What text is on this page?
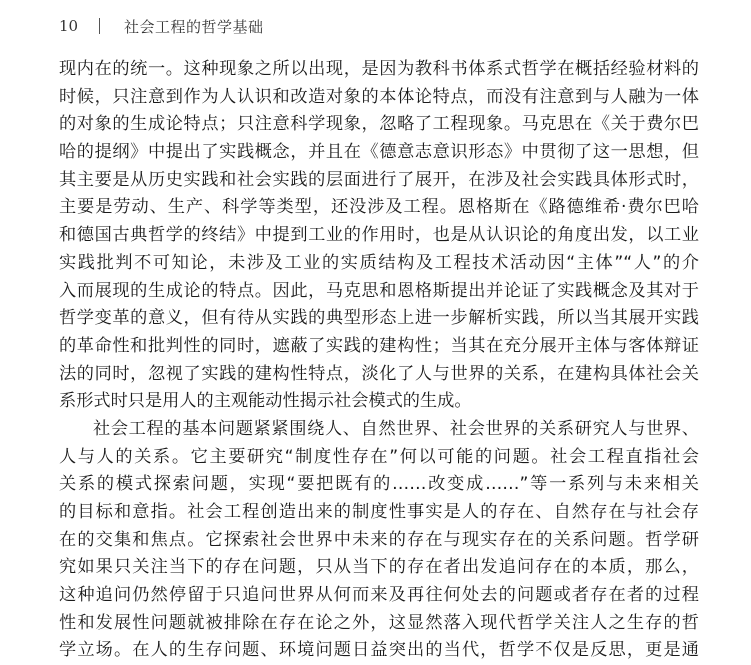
10	社会工程的哲学基础
现内在的统一。这种现象之所以出现，是因为教科书体系式哲学在概括经验材料的
时候，只注意到作为人认识和改造对象的本体论特点，而没有注意到与人融为一体
的对象的生成论特点；只注意科学现象，忽略了工程现象。马克思在《关于费尔巴
哈的提纲》中提出了实践概念，并且在《德意志意识形态》中贯彻了这一思想，但
其主要是从历史实践和社会实践的层面进行了展开，在涉及社会实践具体形式时，
主要是劳动、生产、科学等类型，还没涉及工程。恩格斯在《路德维希·费尔巴哈
和德国古典哲学的终结》中提到工业的作用时，也是从认识论的角度出发，以工业
实践批判不可知论，未涉及工业的实质结构及工程技术活动因“主体”“人”的介
入而展现的生成论的特点。因此，马克思和恩格斯提出并论证了实践概念及其对于
哲学变革的意义，但有待从实践的典型形态上进一步解析实践，所以当其展开实践
的革命性和批判性的同时，遮蔽了实践的建构性；当其在充分展开主体与客体辩证
法的同时，忽视了实践的建构性特点，淡化了人与世界的关系，在建构具体社会关
系形式时只是用人的主观能动性揭示社会模式的生成。
社会工程的基本问题紧紧围绕人、自然世界、社会世界的关系研究人与世界、
人与人的关系。它主要研究“制度性存在”何以可能的问题。社会工程直指社会
关系的模式探索问题，实现“要把既有的……改变成……”等一系列与未来相关
的目标和意指。社会工程创造出来的制度性事实是人的存在、自然存在与社会存
在的交集和焦点。它探索社会世界中未来的存在与现实存在的关系问题。哲学研
究如果只关注当下的存在问题，只从当下的存在者出发追问存在的本质，那么，
这种追问仍然停留于只追问世界从何而来及再往何处去的问题或者存在者的过程
性和发展性问题就被排除在存在论之外，这显然落入现代哲学关注人之生存的哲
学立场。在人的生存问题、环境问题日益突出的当代，哲学不仅是反思，更是通
